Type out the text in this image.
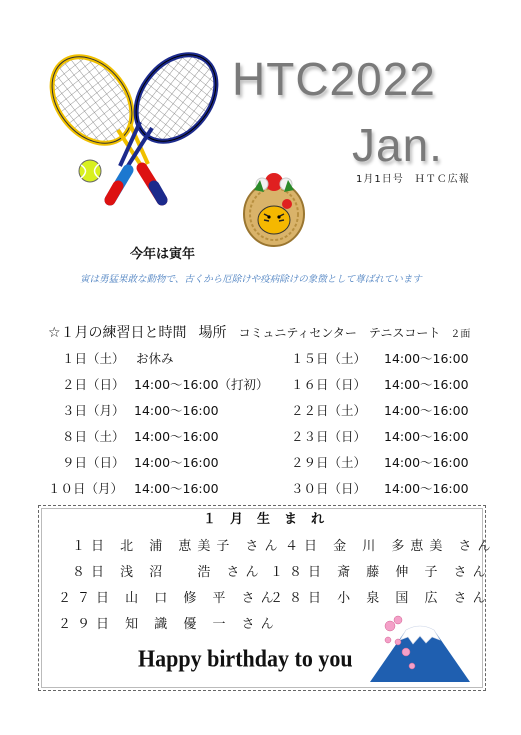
HTC2022
Jan.
1月1日号　ＨＴＣ広報
今年は寅年
寅は勇猛果敢な動物で、古くから厄除けや疫病除けの象徴として尊ばれています
☆１月の練習日と時間 場所 コミュニティセンター　テニスコート ２面
１日（土） お休み
２日（日） 14:00〜16:00（打初）
３日（月） 14:00〜16:00
８日（土） 14:00〜16:00
９日（日） 14:00〜16:00
１０日（月） 14:00〜16:00
１５日（土） 14:00〜16:00
１６日（日） 14:00〜16:00
２２日（土） 14:00〜16:00
２３日（日） 14:00〜16:00
２９日（土） 14:00〜16:00
３０日（日） 14:00〜16:00
１月生まれ
１日 北 浦 恵美子 さん ４日 金 川 多恵美 さん
８日 浅 沼　 浩 さん １８日 斎 藤 伸 子 さん
２７日 山 口 修 平 さん
２８日 小 泉 国 広 さん
２９日 知 識 優 一 さん
Happy birthday to you
